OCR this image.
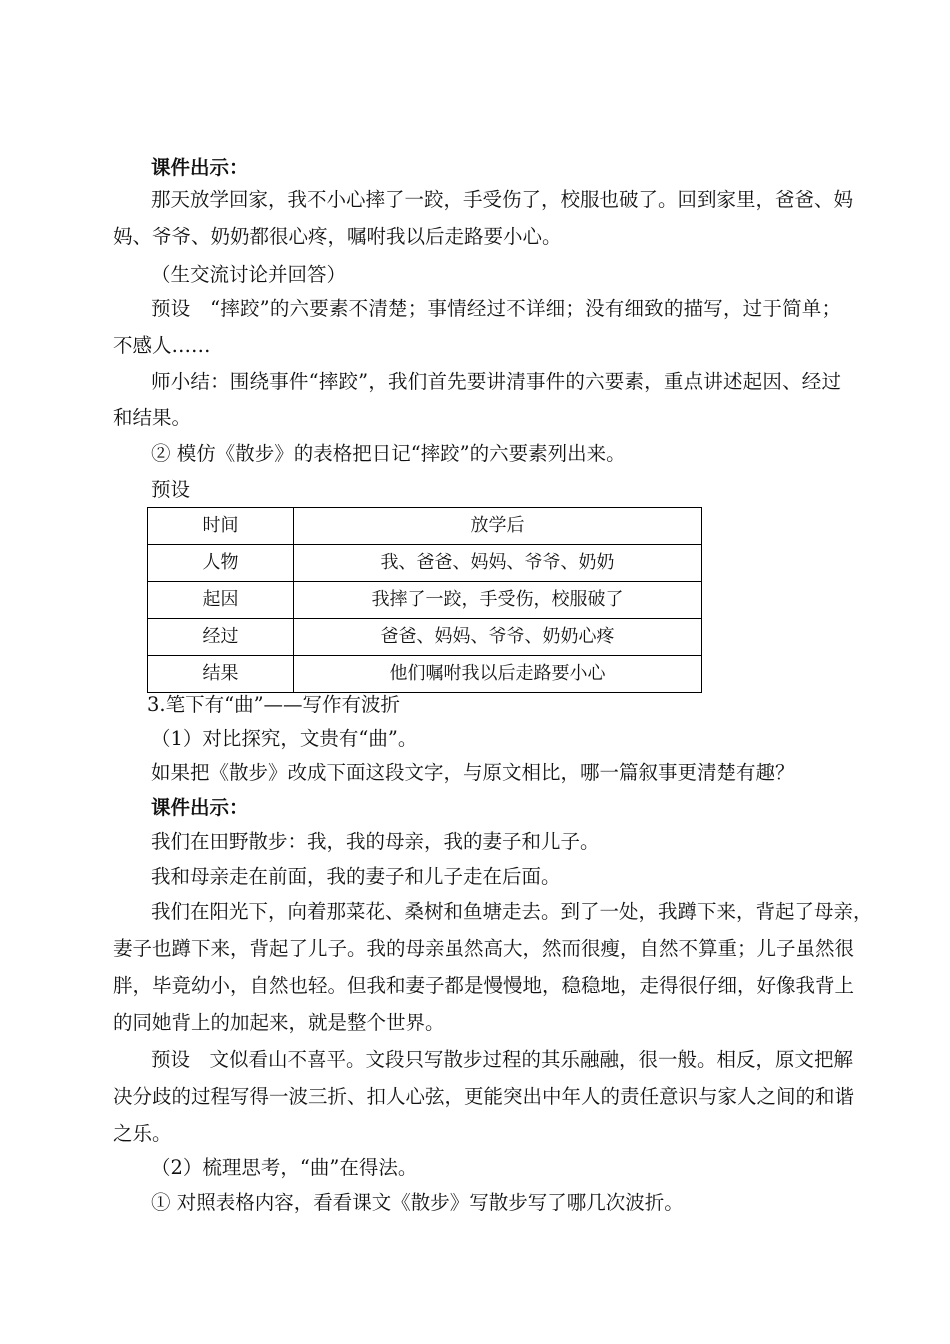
课件出示：

那天放学回家，我不小心摔了一跤，手受伤了，校服也破了。回到家里，爸爸、妈

妈、爷爷、奶奶都很心疼，嘱咐我以后走路要小心。

（生交流讨论并回答）

预设　“摔跤”的六要素不清楚；事情经过不详细；没有细致的描写，过于简单；

不感人……

师小结：围绕事件“摔跤”，我们首先要讲清事件的六要素，重点讲述起因、经过

和结果。

② 模仿《散步》的表格把日记“摔跤”的六要素列出来。

预设

时间	放学后
人物	我、爸爸、妈妈、爷爷、奶奶
起因	我摔了一跤，手受伤，校服破了
经过	爸爸、妈妈、爷爷、奶奶心疼
结果	他们嘱咐我以后走路要小心

3.笔下有“曲”——写作有波折

（1）对比探究，文贵有“曲”。

如果把《散步》改成下面这段文字，与原文相比，哪一篇叙事更清楚有趣？

课件出示：

我们在田野散步：我，我的母亲，我的妻子和儿子。

我和母亲走在前面，我的妻子和儿子走在后面。

我们在阳光下，向着那菜花、桑树和鱼塘走去。到了一处，我蹲下来，背起了母亲，

妻子也蹲下来，背起了儿子。我的母亲虽然高大，然而很瘦，自然不算重；儿子虽然很

胖，毕竟幼小，自然也轻。但我和妻子都是慢慢地，稳稳地，走得很仔细，好像我背上

的同她背上的加起来，就是整个世界。

预设　文似看山不喜平。文段只写散步过程的其乐融融，很一般。相反，原文把解

决分歧的过程写得一波三折、扣人心弦，更能突出中年人的责任意识与家人之间的和谐

之乐。

（2）梳理思考，“曲”在得法。

① 对照表格内容，看看课文《散步》写散步写了哪几次波折。
